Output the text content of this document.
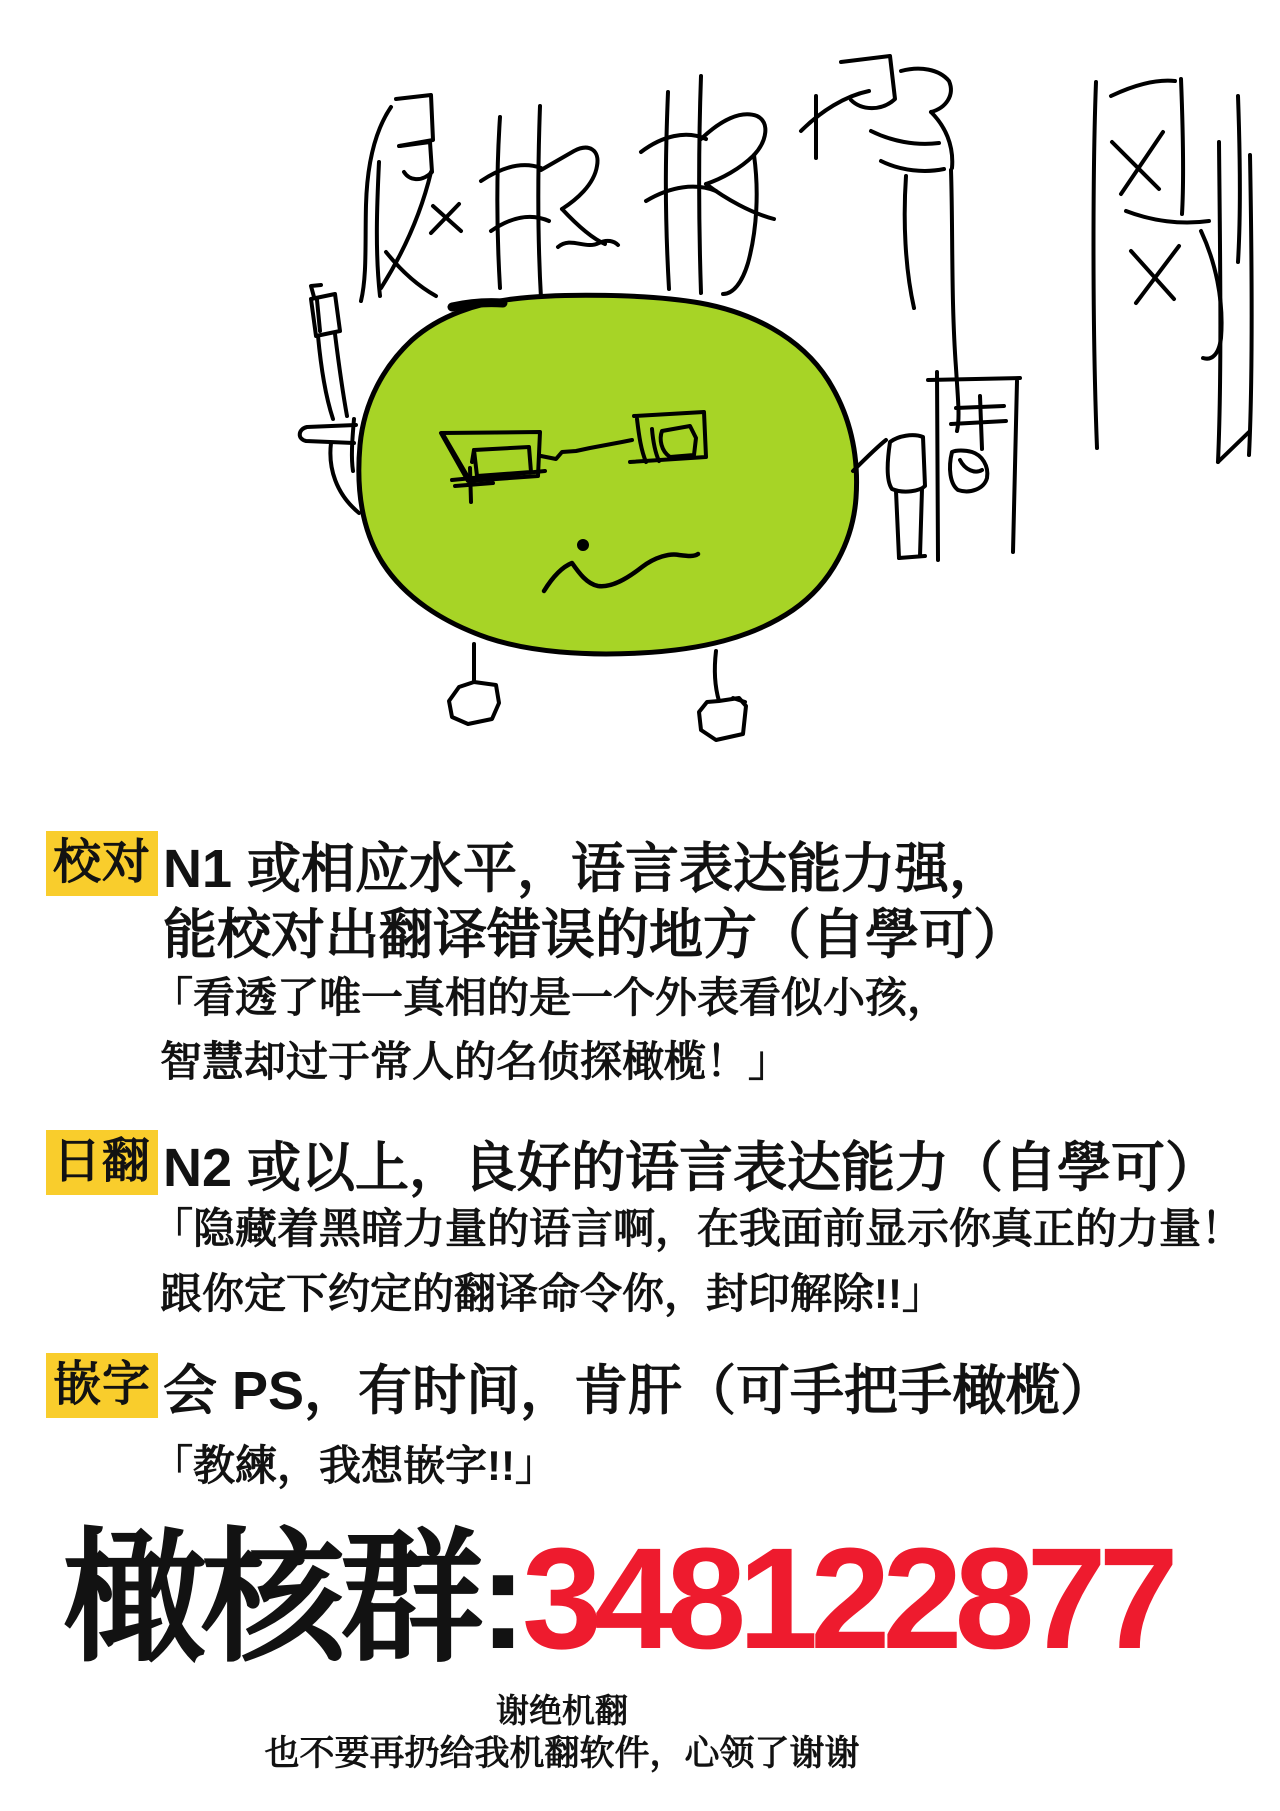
校对 N1 或相应水平，语言表达能力强，
能校对出翻译错误的地方（自學可）
「看透了唯一真相的是一个外表看似小孩，
智慧却过于常人的名侦探橄榄！」
日翻 N2 或以上，良好的语言表达能力（自學可）
「隐藏着黑暗力量的语言啊，在我面前显示你真正的力量！
跟你定下约定的翻译命令你，封印解除!!」
嵌字 会 PS，有时间，肯肝（可手把手橄榄）
「教練，我想嵌字!!」
橄核群:348122877
谢绝机翻
也不要再扔给我机翻软件，心领了谢谢
